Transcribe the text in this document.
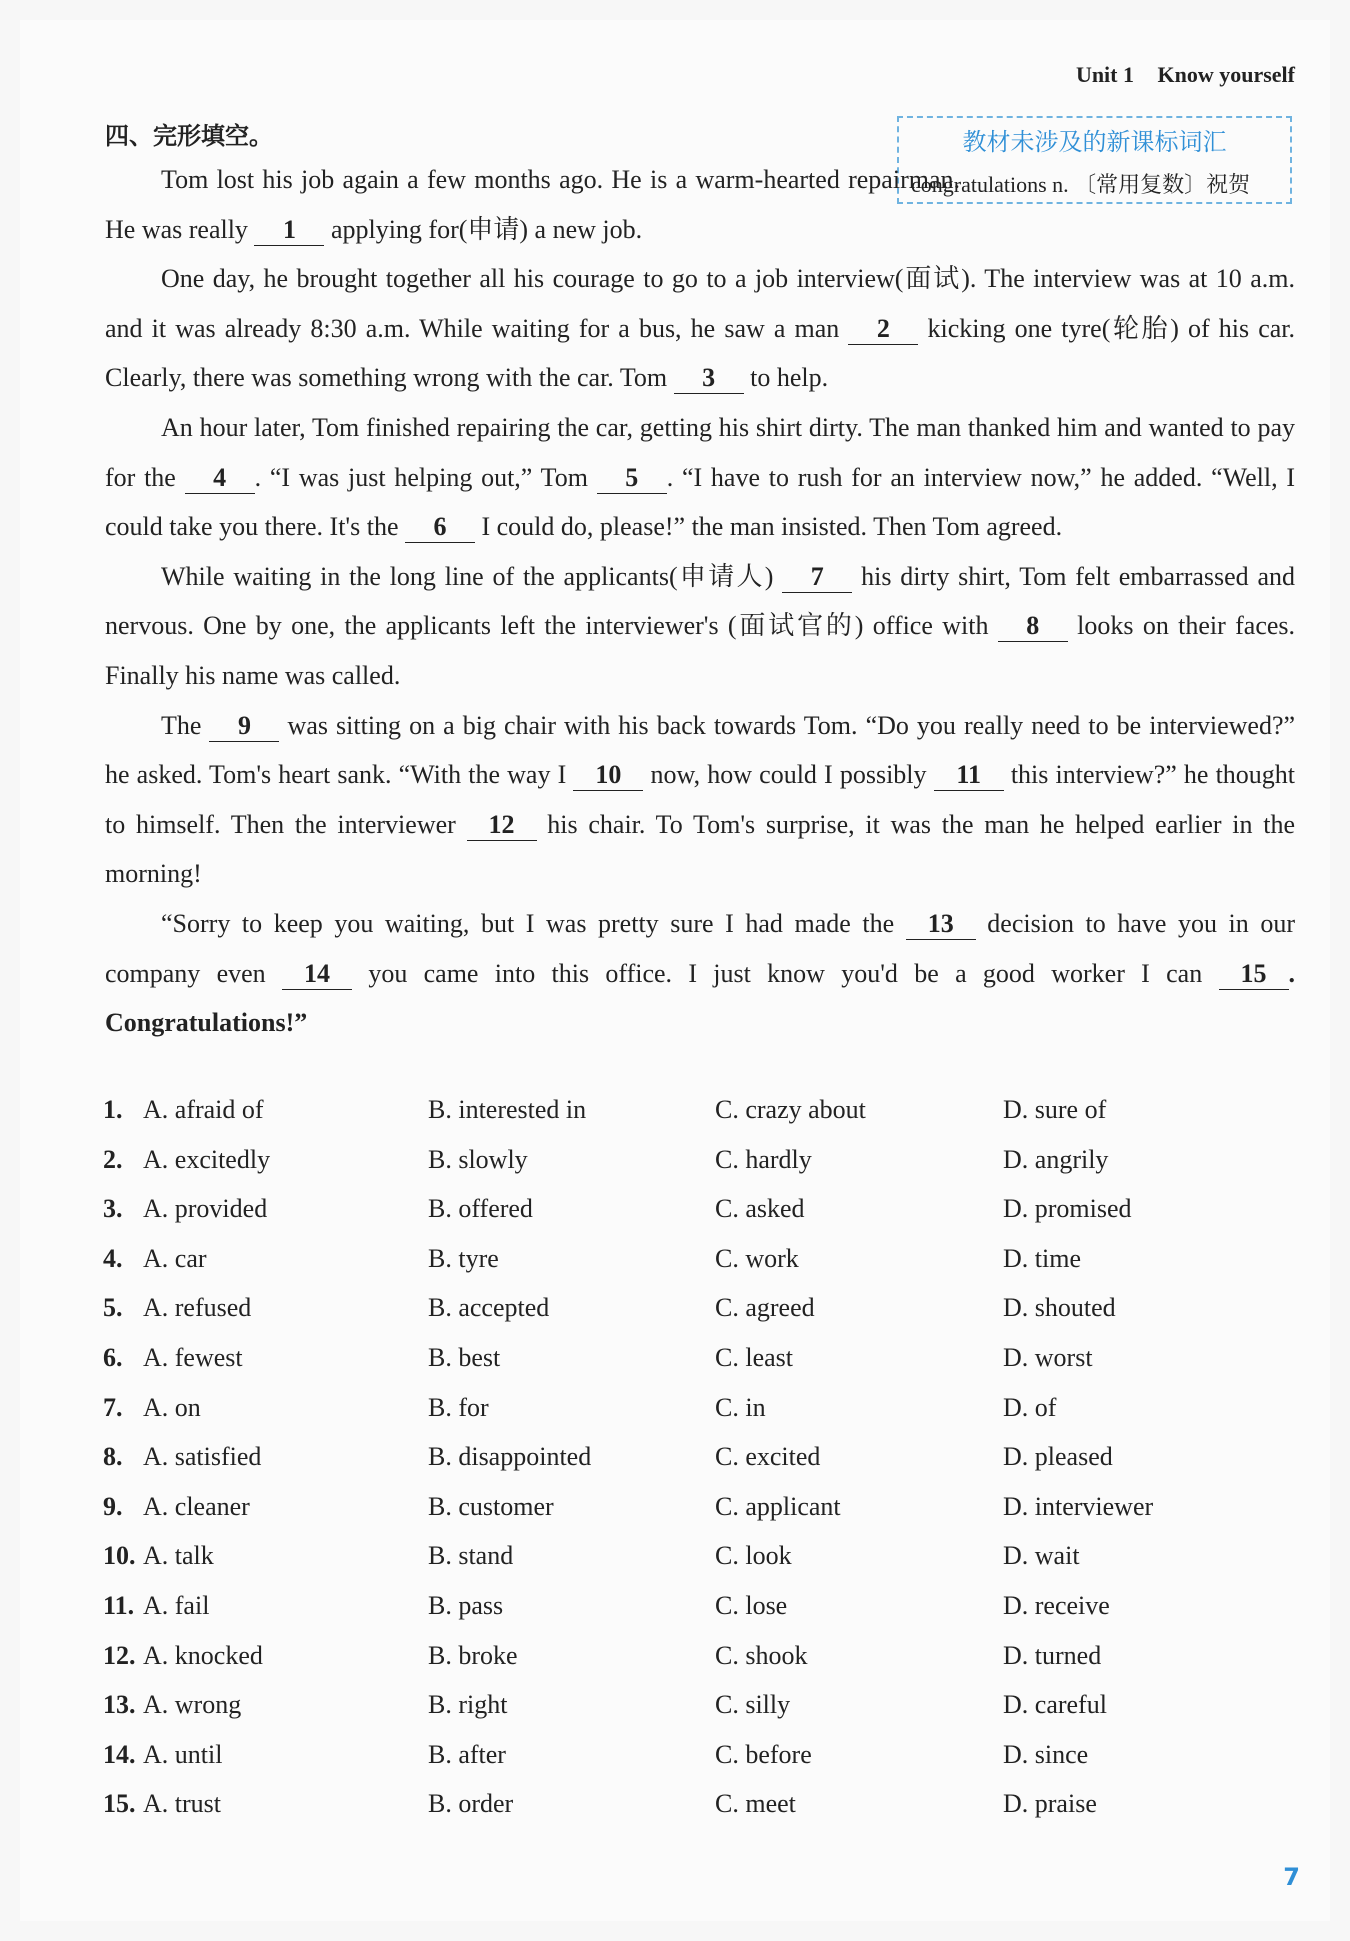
Unit 1 Know yourself
四、完形填空。	教材未涉及的新课标词汇
congratulations n. 〔常用复数〕祝贺

Tom lost his job again a few months ago. He is a warm-hearted repairman. He was really 1 applying for(申请) a new job.

One day, he brought together all his courage to go to a job interview(面试). The interview was at 10 a.m. and it was already 8:30 a.m. While waiting for a bus, he saw a man 2 kicking one tyre(轮胎) of his car. Clearly, there was something wrong with the car. Tom 3 to help.

An hour later, Tom finished repairing the car, getting his shirt dirty. The man thanked him and wanted to pay for the 4 . “I was just helping out,” Tom 5 . “I have to rush for an interview now,” he added. “Well, I could take you there. It's the 6 I could do, please!” the man insisted. Then Tom agreed.

While waiting in the long line of the applicants(申请人) 7 his dirty shirt, Tom felt embarrassed and nervous. One by one, the applicants left the interviewer's (面试官的) office with 8 looks on their faces. Finally his name was called.

The 9 was sitting on a big chair with his back towards Tom. “Do you really need to be interviewed?” he asked. Tom's heart sank. “With the way I 10 now, how could I possibly 11 this interview?” he thought to himself. Then the interviewer 12 his chair. To Tom's surprise, it was the man he helped earlier in the morning!

“Sorry to keep you waiting, but I was pretty sure I had made the 13 decision to have you in our company even 14 you came into this office. I just know you'd be a good worker I can 15 . Congratulations!”

1. A. afraid of	B. interested in	C. crazy about	D. sure of
2. A. excitedly	B. slowly	C. hardly	D. angrily
3. A. provided	B. offered	C. asked	D. promised
4. A. car	B. tyre	C. work	D. time
5. A. refused	B. accepted	C. agreed	D. shouted
6. A. fewest	B. best	C. least	D. worst
7. A. on	B. for	C. in	D. of
8. A. satisfied	B. disappointed	C. excited	D. pleased
9. A. cleaner	B. customer	C. applicant	D. interviewer
10. A. talk	B. stand	C. look	D. wait
11. A. fail	B. pass	C. lose	D. receive
12. A. knocked	B. broke	C. shook	D. turned
13. A. wrong	B. right	C. silly	D. careful
14. A. until	B. after	C. before	D. since
15. A. trust	B. order	C. meet	D. praise
7
